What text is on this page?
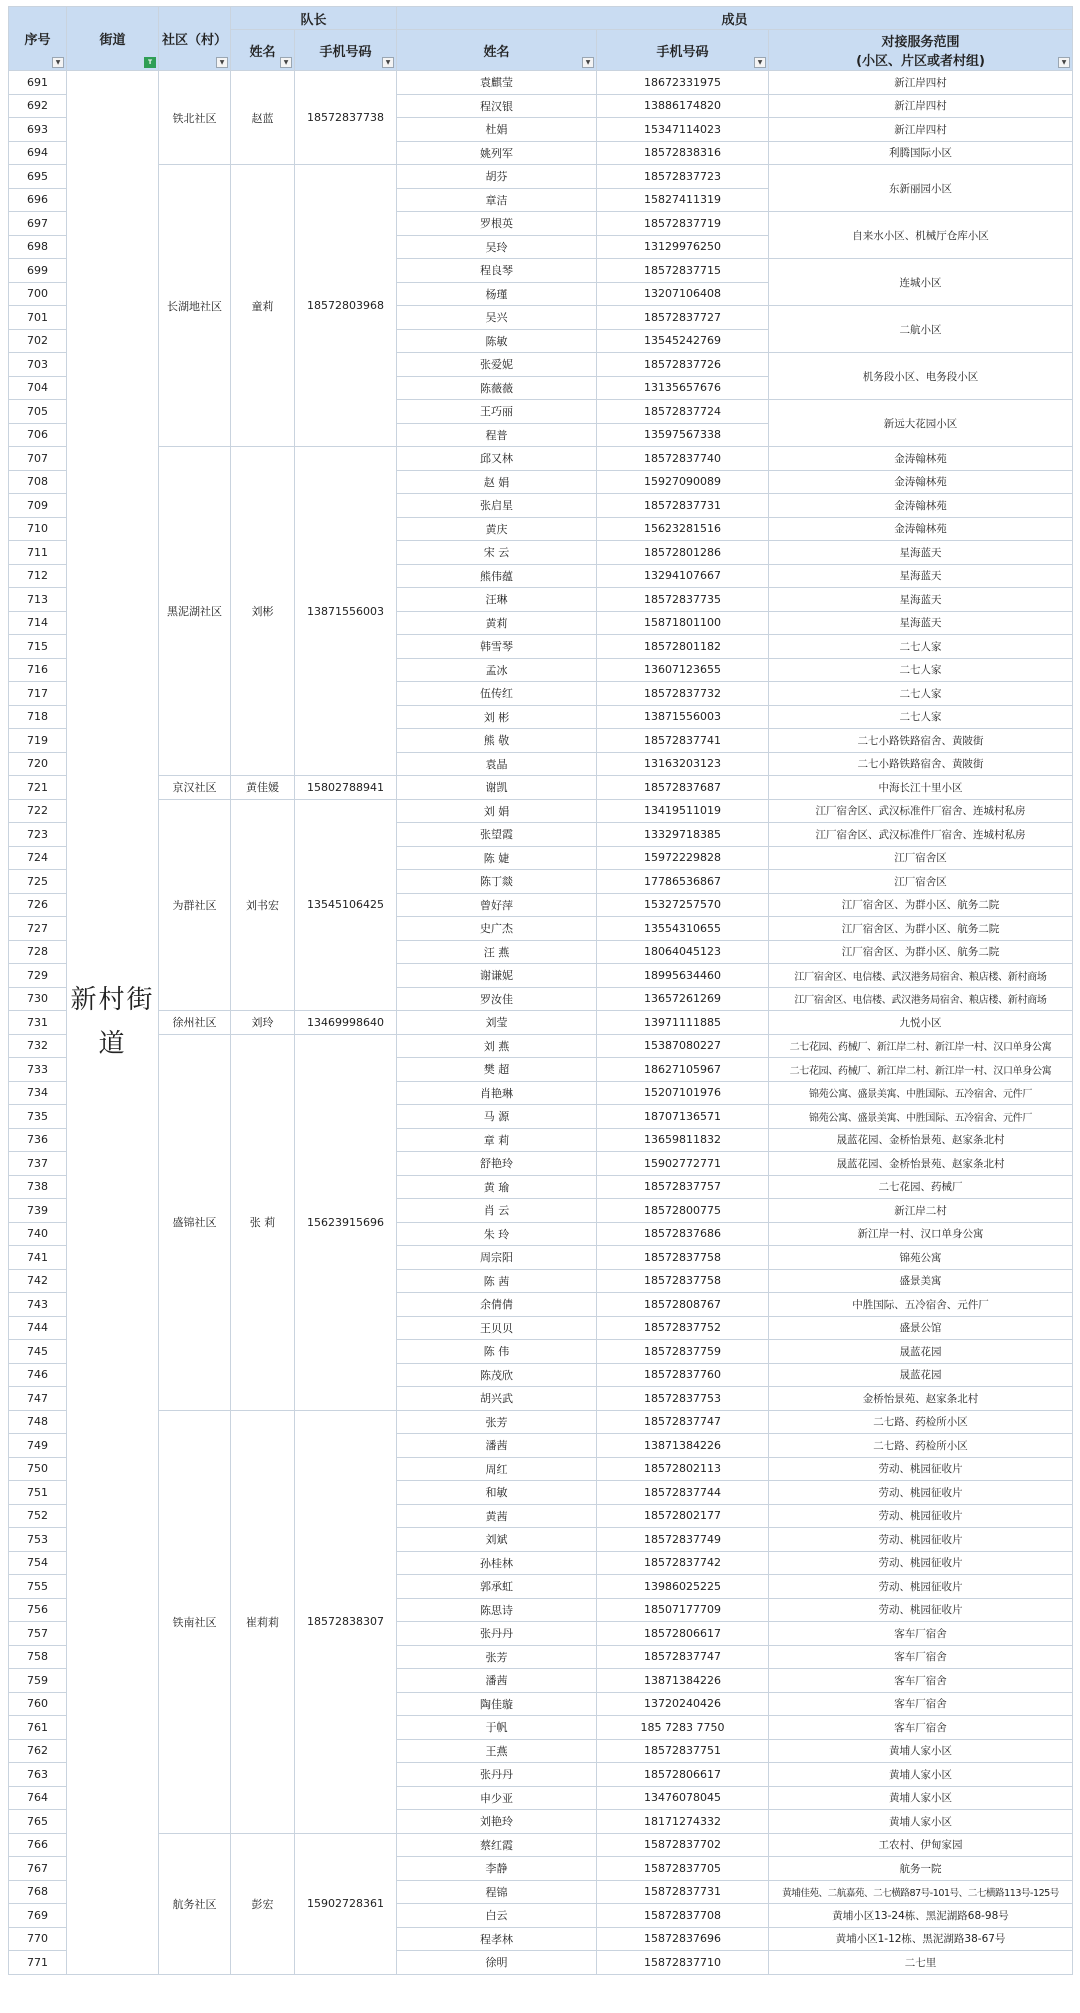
序号
▼	街道
T	社区（村）
▼	队长		成员		
			姓名
▼	手机号码
▼	姓名
▼	手机号码
▼	对接服务范围
(小区、片区或者村组) ▼

691	新村街道	铁北社区	赵蓝	18572837738	袁麒莹	18672331975	新江岸四村
692					程汉银	13886174820	新江岸四村
693					杜娟	15347114023	新江岸四村
694					姚列军	18572838316	利腾国际小区
695		长湖地社区	童莉	18572803968	胡芬	18572837723	东新丽园小区
696					章洁	15827411319	
697					罗根英	18572837719	自来水小区、机械厅仓库小区
698					吴玲	13129976250	
699					程良琴	18572837715	连城小区
700					杨瑾	13207106408	
701					吴兴	18572837727	二航小区
702					陈敏	13545242769	
703					张爱妮	18572837726	机务段小区、电务段小区
704					陈薇薇	13135657676	
705					王巧丽	18572837724	新远大花园小区
706					程普	13597567338	
707		黑泥湖社区	刘彬	13871556003	邱又林	18572837740	金涛翰林苑
708					赵 娟	15927090089	金涛翰林苑
709					张启星	18572837731	金涛翰林苑
710					黄庆	15623281516	金涛翰林苑
711					宋 云	18572801286	星海蓝天
712					熊伟蕴	13294107667	星海蓝天
713					汪琳	18572837735	星海蓝天
714					黄莉	15871801100	星海蓝天
715					韩雪琴	18572801182	二七人家
716					孟冰	13607123655	二七人家
717					伍传红	18572837732	二七人家
718					刘 彬	13871556003	二七人家
719					熊 敬	18572837741	二七小路铁路宿舍、黄陂街
720					袁晶	13163203123	二七小路铁路宿舍、黄陂街
721		京汉社区	黄佳媛	15802788941	谢凯	18572837687	中海长江十里小区
722		为群社区	刘书宏	13545106425	刘 娟	13419511019	江厂宿舍区、武汉标准件厂宿舍、连城村私房
723					张望霞	13329718385	江厂宿舍区、武汉标准件厂宿舍、连城村私房
724					陈 婕	15972229828	江厂宿舍区
725					陈丁燚	17786536867	江厂宿舍区
726					曾好萍	15327257570	江厂宿舍区、为群小区、航务二院
727					史广杰	13554310655	江厂宿舍区、为群小区、航务二院
728					汪 燕	18064045123	江厂宿舍区、为群小区、航务二院
729					谢谦妮	18995634460	江厂宿舍区、电信楼、武汉港务局宿舍、粮店楼、新村商场
730					罗汝佳	13657261269	江厂宿舍区、电信楼、武汉港务局宿舍、粮店楼、新村商场
731		徐州社区	刘玲	13469998640	刘莹	13971111885	九悦小区
732		盛锦社区	张 莉	15623915696	刘 燕	15387080227	二七花园、药械厂、新江岸二村、新江岸一村、汉口单身公寓
733					樊 超	18627105967	二七花园、药械厂、新江岸二村、新江岸一村、汉口单身公寓
734					肖艳琳	15207101976	锦苑公寓、盛景美寓、中胜国际、五冷宿舍、元件厂
735					马 源	18707136571	锦苑公寓、盛景美寓、中胜国际、五冷宿舍、元件厂
736					章 莉	13659811832	晟蓝花园、金桥怡景苑、赵家条北村
737					舒艳玲	15902772771	晟蓝花园、金桥怡景苑、赵家条北村
738					黄 瑜	18572837757	二七花园、药械厂
739					肖 云	18572800775	新江岸二村
740					朱 玲	18572837686	新江岸一村、汉口单身公寓
741					周宗阳	18572837758	锦苑公寓
742					陈 茜	18572837758	盛景美寓
743					余倩倩	18572808767	中胜国际、五冷宿舍、元件厂
744					王贝贝	18572837752	盛景公馆
745					陈 伟	18572837759	晟蓝花园
746					陈茂欣	18572837760	晟蓝花园
747					胡兴武	18572837753	金桥怡景苑、赵家条北村
748		铁南社区	崔莉莉	18572838307	张芳	18572837747	二七路、药检所小区
749					潘茜	13871384226	二七路、药检所小区
750					周红	18572802113	劳动、桃园征收片
751					和敏	18572837744	劳动、桃园征收片
752					黄茜	18572802177	劳动、桃园征收片
753					刘斌	18572837749	劳动、桃园征收片
754					孙桂林	18572837742	劳动、桃园征收片
755					郭承虹	13986025225	劳动、桃园征收片
756					陈思诗	18507177709	劳动、桃园征收片
757					张丹丹	18572806617	客车厂宿舍
758					张芳	18572837747	客车厂宿舍
759					潘茜	13871384226	客车厂宿舍
760					陶佳璇	13720240426	客车厂宿舍
761					于帆	185 7283 7750	客车厂宿舍
762					王燕	18572837751	黄埔人家小区
763					张丹丹	18572806617	黄埔人家小区
764					申少亚	13476078045	黄埔人家小区
765					刘艳玲	18171274332	黄埔人家小区
766		航务社区	彭宏	15902728361	蔡红霞	15872837702	工农村、伊甸家园
767					李静	15872837705	航务一院
768					程锦	15872837731	黄埔佳苑、二航嘉苑、二七横路87号-101号、二七横路113号-125号
769					白云	15872837708	黄埔小区13-24栋、黑泥湖路68-98号
770					程孝林	15872837696	黄埔小区1-12栋、黑泥湖路38-67号
771					徐明	15872837710	二七里
